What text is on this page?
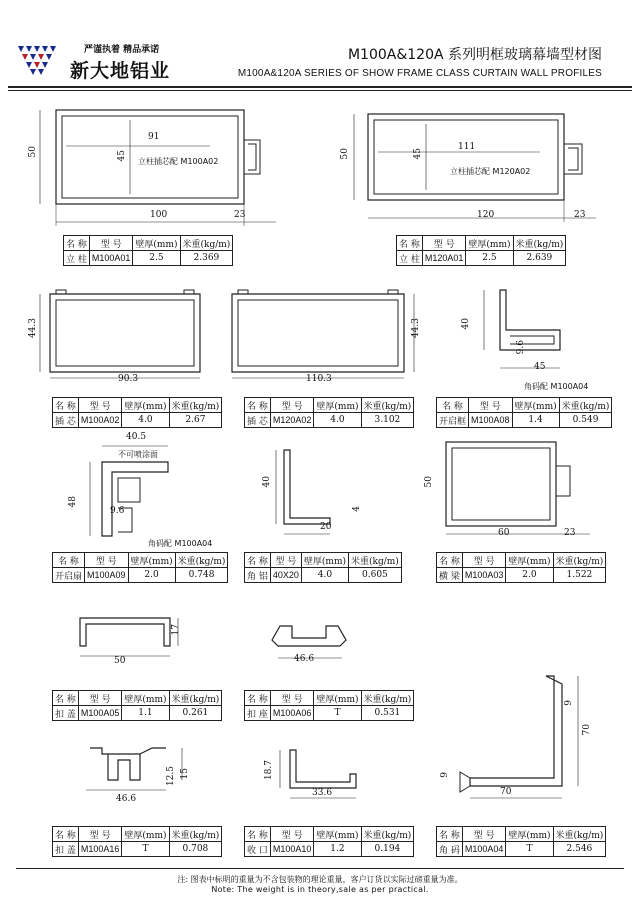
严谨执着 精品承诺
新大地铝业
M100A&120A 系列明框玻璃幕墙型材图
M100A&120A SERIES OF SHOW FRAME CLASS CURTAIN WALL PROFILES
50
91
45
立柱插芯配 M100A02
100	23
名 称	型 号	壁厚(mm)	米重(kg/m)
立 柱	M100A01	2.5	2.369
50
111
45
立柱插芯配 M120A02
120	23
名 称	型 号	壁厚(mm)	米重(kg/m)
立 柱	M120A01	2.5	2.639
44.3
90.3
名 称	型 号	壁厚(mm)	米重(kg/m)
插 芯	M100A02	4.0	2.67
44.3
110.3
名 称	型 号	壁厚(mm)	米重(kg/m)
插 芯	M120A02	4.0	3.102
40
9.6
45
角码配 M100A04
名 称	型 号	壁厚(mm)	米重(kg/m)
开启框	M100A08	1.4	0.549
40.5
不可喷涂面
48
9.6
角码配 M100A04
名 称	型 号	壁厚(mm)	米重(kg/m)
开启扇	M100A09	2.0	0.748
40
4
20
名 称	型 号	壁厚(mm)	米重(kg/m)
角 铝	40X20	4.0	0.605
50
60	23
名 称	型 号	壁厚(mm)	米重(kg/m)
横 梁	M100A03	2.0	1.522
50
17
名 称	型 号	壁厚(mm)	米重(kg/m)
扣 盖	M100A05	1.1	0.261
46.6
名 称	型 号	壁厚(mm)	米重(kg/m)
扣 座	M100A06	T	0.531
9
70
9
70
46.6
12.5 15
名 称	型 号	壁厚(mm)	米重(kg/m)
扣 盖	M100A16	T	0.708
18.7
33.6
名 称	型 号	壁厚(mm)	米重(kg/m)
收 口	M100A10	1.2	0.194
名 称	型 号	壁厚(mm)	米重(kg/m)
角 码	M100A04	T	2.546
注: 图表中标明的重量为不含包装物的理论重量，客户订货以实际过磅重量为准。
Note: The weight is in theory,sale as per practical.
